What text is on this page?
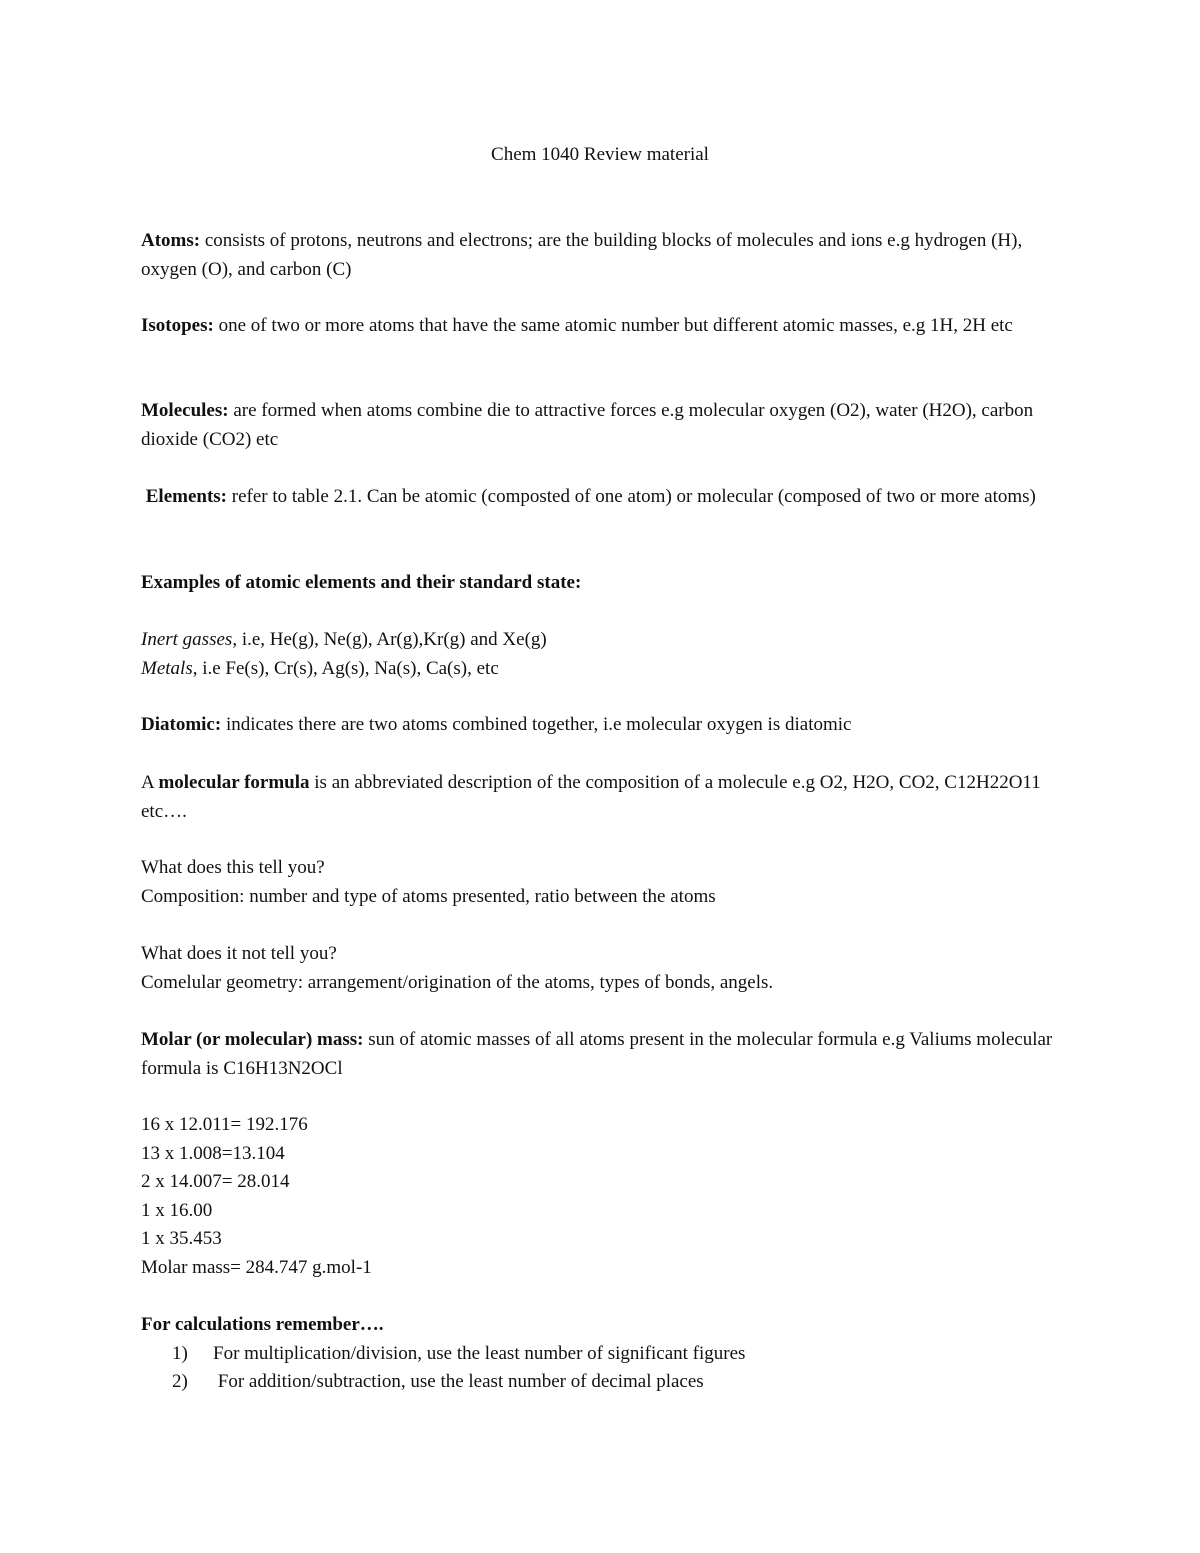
Chem 1040 Review material

Atoms: consists of protons, neutrons and electrons; are the building blocks of molecules and ions e.g hydrogen (H), oxygen (O), and carbon (C)

Isotopes: one of two or more atoms that have the same atomic number but different atomic masses, e.g 1H, 2H etc

Molecules: are formed when atoms combine die to attractive forces e.g molecular oxygen (O2), water (H2O), carbon dioxide (CO2) etc

Elements: refer to table 2.1. Can be atomic (composted of one atom) or molecular (composed of two or more atoms)

Examples of atomic elements and their standard state:

Inert gasses, i.e, He(g), Ne(g), Ar(g),Kr(g) and Xe(g)

Metals, i.e Fe(s), Cr(s), Ag(s), Na(s), Ca(s), etc

Diatomic: indicates there are two atoms combined together, i.e molecular oxygen is diatomic

A molecular formula is an abbreviated description of the composition of a molecule e.g O2, H2O, CO2, C12H22O11 etc….

What does this tell you?

Composition: number and type of atoms presented, ratio between the atoms

What does it not tell you?

Comelular geometry: arrangement/origination of the atoms, types of bonds, angels.

Molar (or molecular) mass: sun of atomic masses of all atoms present in the molecular formula e.g Valiums molecular formula is C16H13N2OCl

16 x 12.011= 192.176

13 x 1.008=13.104

2 x 14.007= 28.014

1 x 16.00

1 x 35.453

Molar mass= 284.747 g.mol-1

For calculations remember….

1) For multiplication/division, use the least number of significant figures
2) For addition/subtraction, use the least number of decimal places
